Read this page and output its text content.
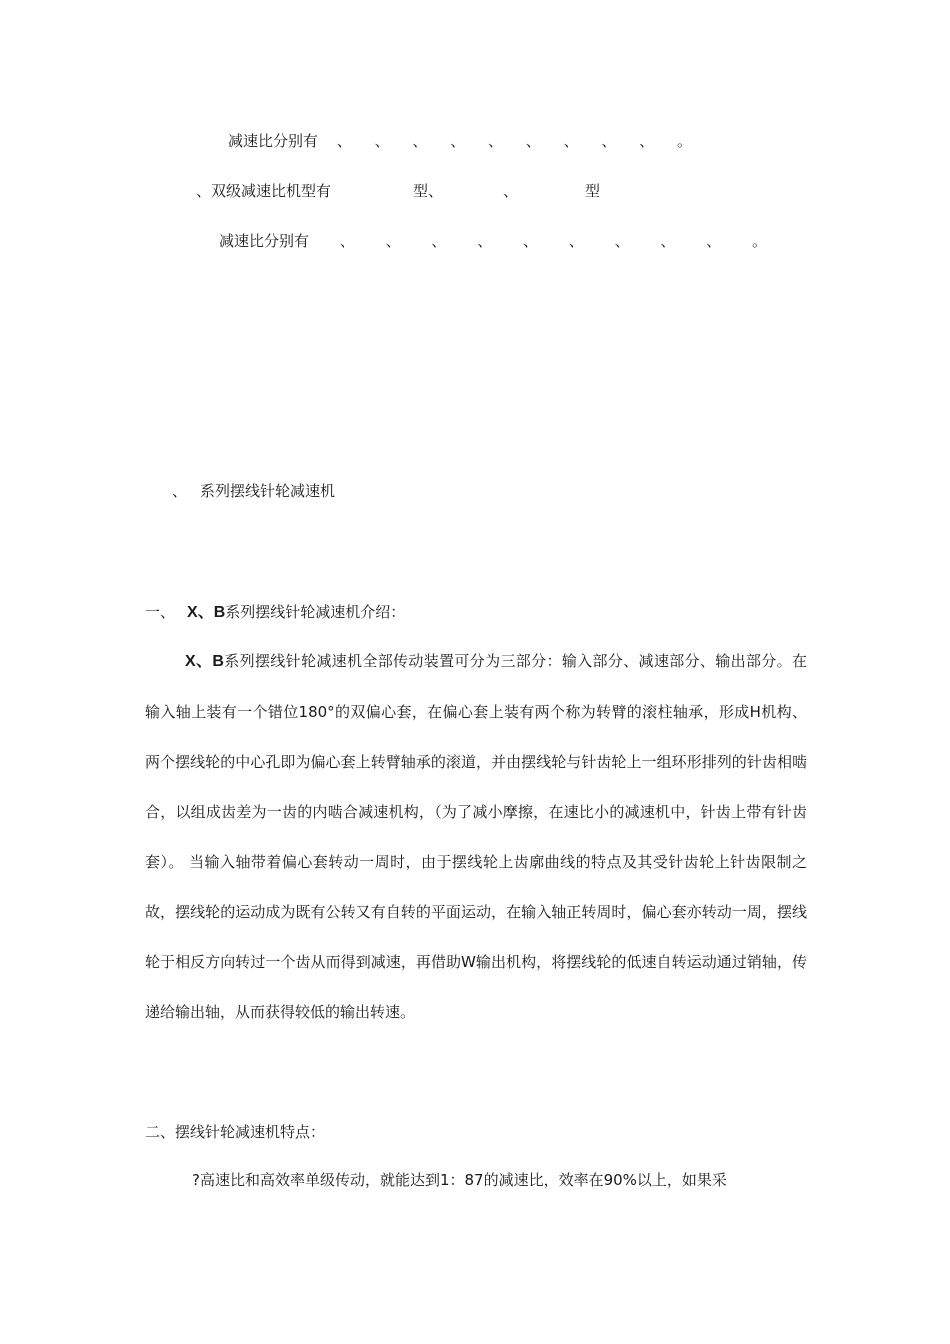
减速比分别有 、 、 、 、 、 、 、 、 、 。
、双级减速比机型有	型、	、	型
减速比分别有 、 、 、 、 、 、 、 、 、 。
、 系列摆线针轮减速机
一、 X、B系列摆线针轮减速机介绍：
X、B系列摆线针轮减速机全部传动装置可分为三部分：输入部分、减速部分、输出部分。在输入轴上装有一个错位180°的双偏心套，在偏心套上装有两个称为转臂的滚柱轴承，形成H机构、两个摆线轮的中心孔即为偏心套上转臂轴承的滚道，并由摆线轮与针齿轮上一组环形排列的针齿相啮合，以组成齿差为一齿的内啮合减速机构，（为了减小摩擦，在速比小的减速机中，针齿上带有针齿套）。 当输入轴带着偏心套转动一周时，由于摆线轮上齿廓曲线的特点及其受针齿轮上针齿限制之故，摆线轮的运动成为既有公转又有自转的平面运动，在输入轴正转周时，偏心套亦转动一周，摆线轮于相反方向转过一个齿从而得到减速，再借助W输出机构，将摆线轮的低速自转运动通过销轴，传递给输出轴，从而获得较低的输出转速。
二、摆线针轮减速机特点：
?高速比和高效率单级传动，就能达到1：87的减速比，效率在90%以上，如果采
